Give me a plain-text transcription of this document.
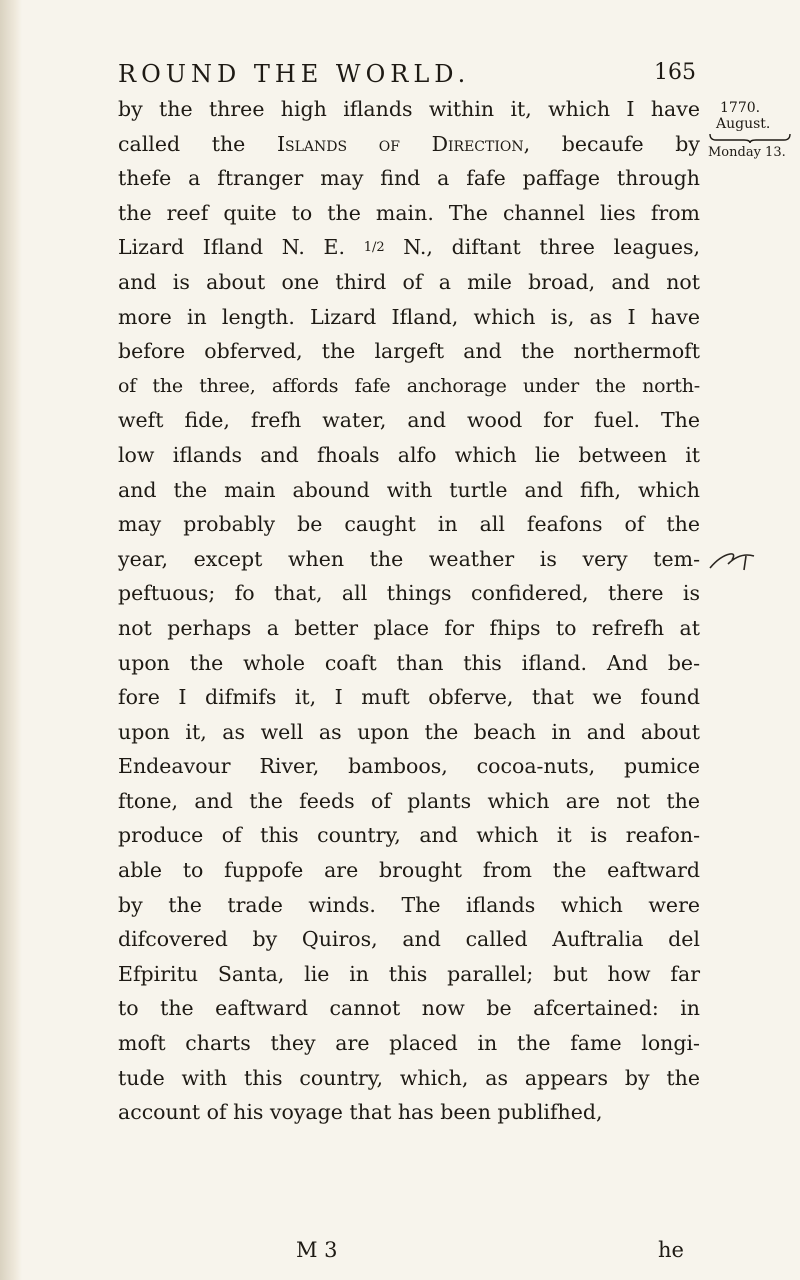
ROUND THE WORLD.	165
1770.
August.
Monday 13.
by the three high iflands within it, which I have
called the Islands of Direction, becaufe by
thefe a ftranger may find a fafe paffage through
the reef quite to the main. The channel lies from
Lizard Ifland N. E. 1/2 N., diftant three leagues,
and is about one third of a mile broad, and not
more in length. Lizard Ifland, which is, as I have
before obferved, the largeft and the northermoft
of the three, affords fafe anchorage under the north-
weft fide, frefh water, and wood for fuel. The
low iflands and fhoals alfo which lie between it
and the main abound with turtle and fifh, which
may probably be caught in all feafons of the
year, except when the weather is very tem-
peftuous; fo that, all things confidered, there is
not perhaps a better place for fhips to refrefh at
upon the whole coaft than this ifland. And be-
fore I difmifs it, I muft obferve, that we found
upon it, as well as upon the beach in and about
Endeavour River, bamboos, cocoa-nuts, pumice
ftone, and the feeds of plants which are not the
produce of this country, and which it is reafon-
able to fuppofe are brought from the eaftward
by the trade winds. The iflands which were
difcovered by Quiros, and called Auftralia del
Efpiritu Santa, lie in this parallel; but how far
to the eaftward cannot now be afcertained: in
moft charts they are placed in the fame longi-
tude with this country, which, as appears by the
account of his voyage that has been publifhed,
M 3	he
